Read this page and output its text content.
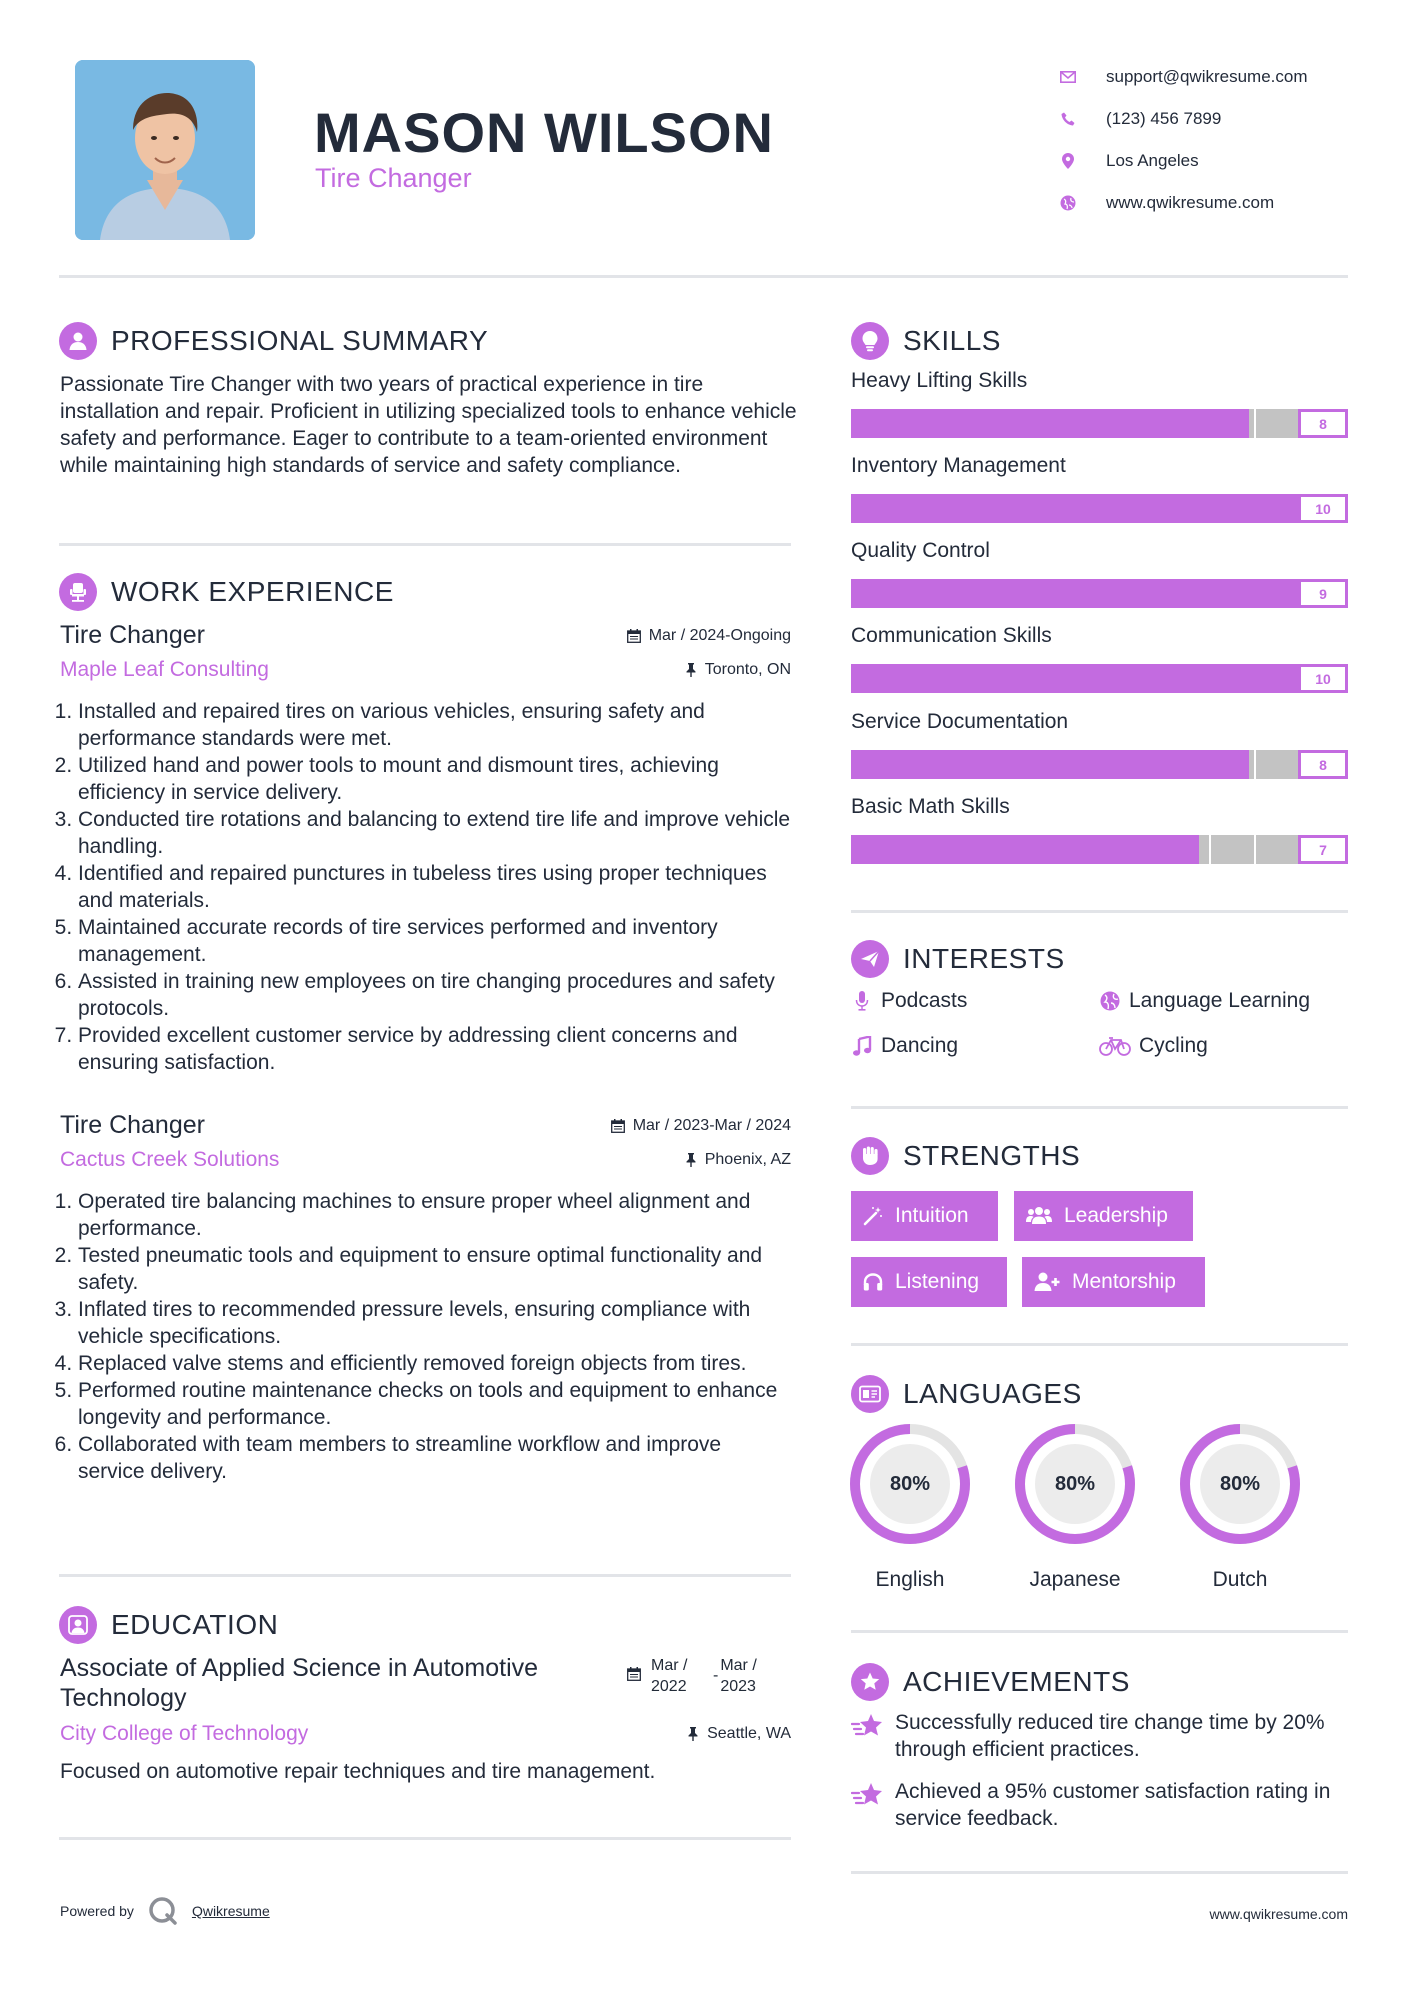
MASON WILSON
Tire Changer
support@qwikresume.com
(123) 456 7899
Los Angeles
www.qwikresume.com
PROFESSIONAL SUMMARY
Passionate Tire Changer with two years of practical experience in tire installation and repair. Proficient in utilizing specialized tools to enhance vehicle safety and performance. Eager to contribute to a team-oriented environment while maintaining high standards of service and safety compliance.
WORK EXPERIENCE
Tire Changer	Mar / 2024-Ongoing
Maple Leaf Consulting	Toronto, ON
1. Installed and repaired tires on various vehicles, ensuring safety and performance standards were met.
2. Utilized hand and power tools to mount and dismount tires, achieving efficiency in service delivery.
3. Conducted tire rotations and balancing to extend tire life and improve vehicle handling.
4. Identified and repaired punctures in tubeless tires using proper techniques and materials.
5. Maintained accurate records of tire services performed and inventory management.
6. Assisted in training new employees on tire changing procedures and safety protocols.
7. Provided excellent customer service by addressing client concerns and ensuring satisfaction.
Tire Changer	Mar / 2023-Mar / 2024
Cactus Creek Solutions	Phoenix, AZ
1. Operated tire balancing machines to ensure proper wheel alignment and performance.
2. Tested pneumatic tools and equipment to ensure optimal functionality and safety.
3. Inflated tires to recommended pressure levels, ensuring compliance with vehicle specifications.
4. Replaced valve stems and efficiently removed foreign objects from tires.
5. Performed routine maintenance checks on tools and equipment to enhance longevity and performance.
6. Collaborated with team members to streamline workflow and improve service delivery.
EDUCATION
Associate of Applied Science in Automotive Technology
Mar / 2022
-
Mar / 2023
City College of Technology	Seattle, WA
Focused on automotive repair techniques and tire management.
SKILLS
Heavy Lifting Skills
8
Inventory Management
10
Quality Control
9
Communication Skills
10
Service Documentation
8
Basic Math Skills
7
INTERESTS
Podcasts	Language Learning
Dancing	Cycling
STRENGTHS
Intuition	Leadership
Listening	Mentorship
LANGUAGES
80%
English
80%
Japanese
80%
Dutch
ACHIEVEMENTS
Successfully reduced tire change time by 20% through efficient practices.
Achieved a 95% customer satisfaction rating in service feedback.
Powered by	Qwikresume	www.qwikresume.com
